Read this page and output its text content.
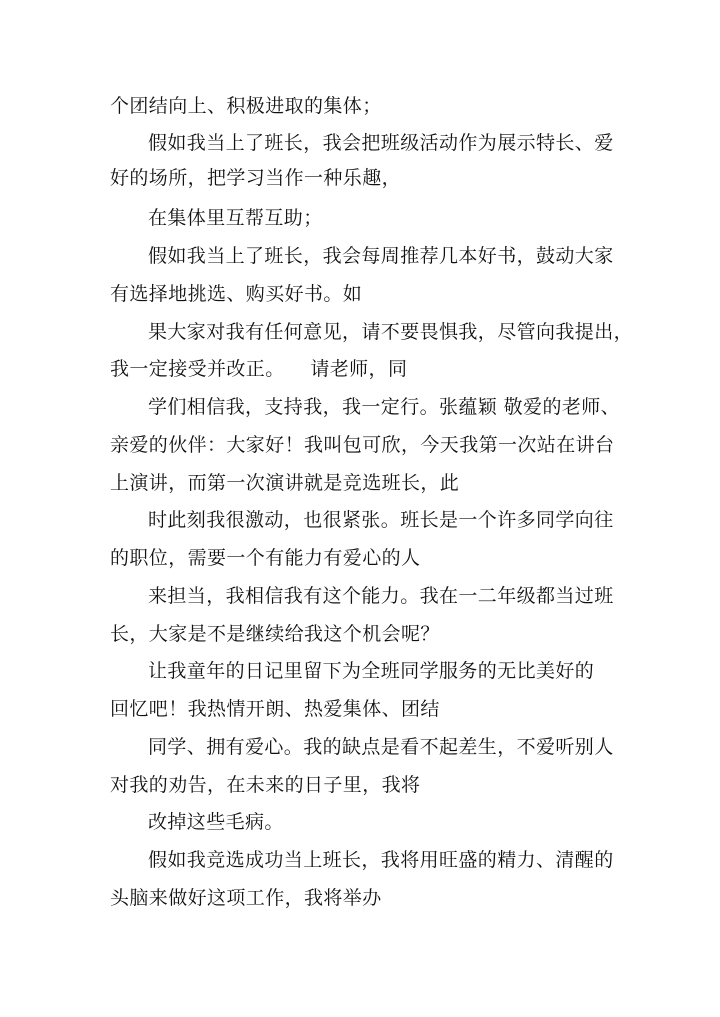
个团结向上、积极进取的集体；

假如我当上了班长，我会把班级活动作为展示特长、爱

好的场所，把学习当作一种乐趣，

在集体里互帮互助；

假如我当上了班长，我会每周推荐几本好书，鼓动大家

有选择地挑选、购买好书。如

果大家对我有任何意见，请不要畏惧我，尽管向我提出，

我一定接受并改正。    请老师，同

学们相信我，支持我，我一定行。张蕴颖 敬爱的老师、

亲爱的伙伴：大家好！我叫包可欣，今天我第一次站在讲台

上演讲，而第一次演讲就是竞选班长，此

时此刻我很激动，也很紧张。班长是一个许多同学向往

的职位，需要一个有能力有爱心的人

来担当，我相信我有这个能力。我在一二年级都当过班

长，大家是不是继续给我这个机会呢？

让我童年的日记里留下为全班同学服务的无比美好的

回忆吧！我热情开朗、热爱集体、团结

同学、拥有爱心。我的缺点是看不起差生，不爱听别人

对我的劝告，在未来的日子里，我将

改掉这些毛病。

假如我竞选成功当上班长，我将用旺盛的精力、清醒的

头脑来做好这项工作，我将举办
